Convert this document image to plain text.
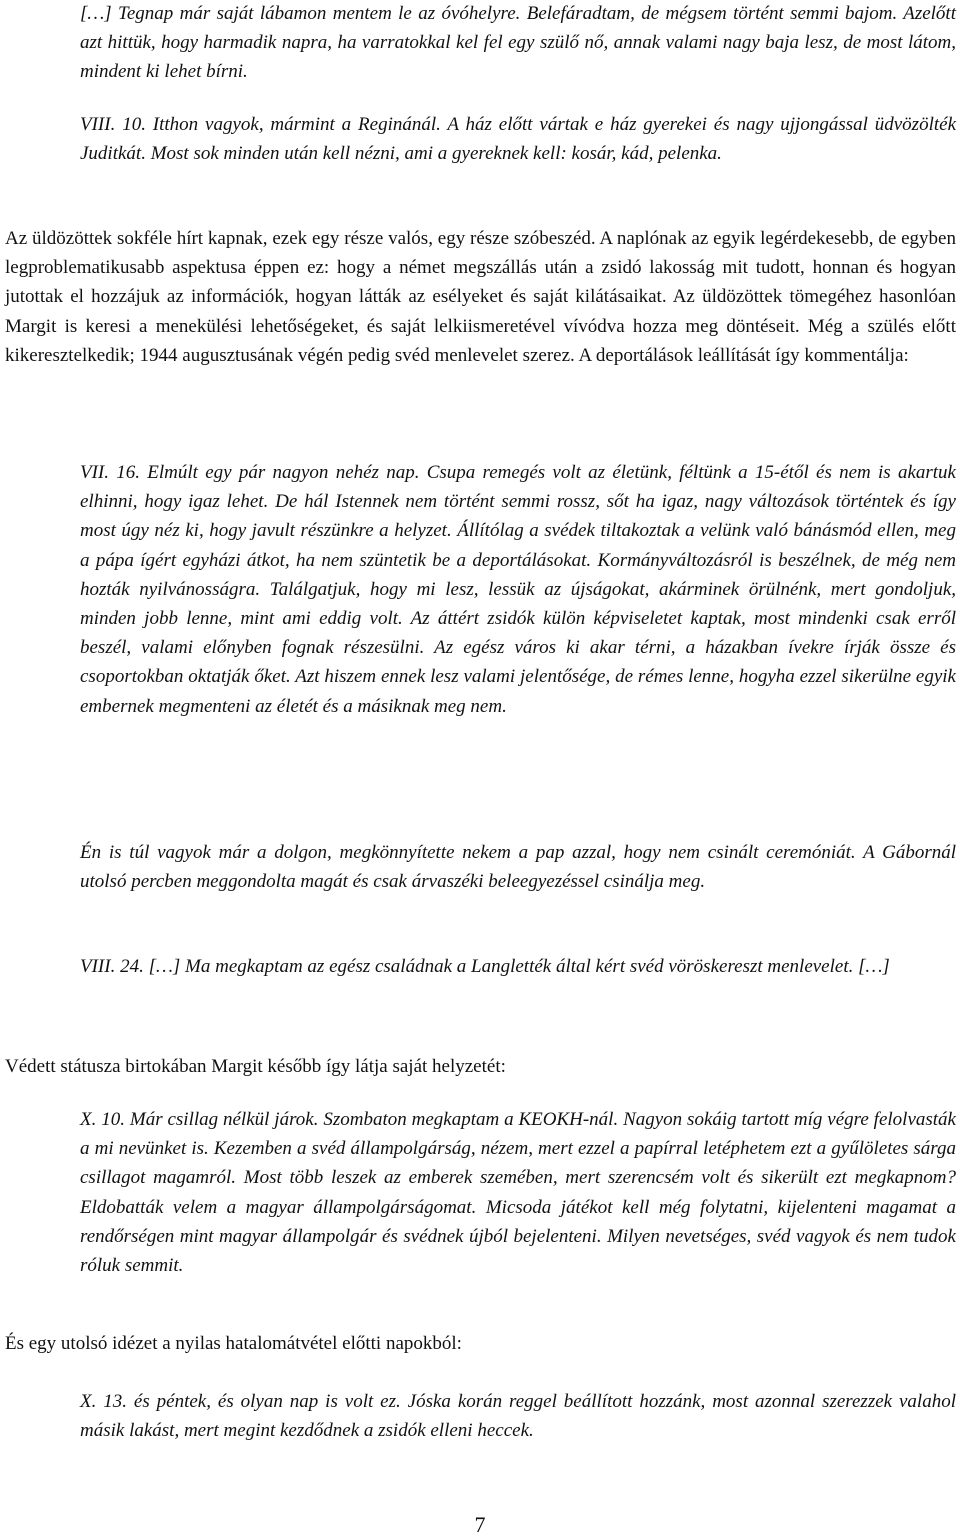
[…] Tegnap már saját lábamon mentem le az óvóhelyre. Belefáradtam, de mégsem történt semmi bajom. Azelőtt azt hittük, hogy harmadik napra, ha varratokkal kel fel egy szülő nő, annak valami nagy baja lesz, de most látom, mindent ki lehet bírni.

VIII. 10. Itthon vagyok, mármint a Reginánál. A ház előtt vártak e ház gyerekei és nagy ujjongással üdvözölték Juditkát. Most sok minden után kell nézni, ami a gyereknek kell: kosár, kád, pelenka.

Az üldözöttek sokféle hírt kapnak, ezek egy része valós, egy része szóbeszéd. A naplónak az egyik legérdekesebb, de egyben legproblematikusabb aspektusa éppen ez: hogy a német megszállás után a zsidó lakosság mit tudott, honnan és hogyan jutottak el hozzájuk az információk, hogyan látták az esélyeket és saját kilátásaikat. Az üldözöttek tömegéhez hasonlóan Margit is keresi a menekülési lehetőségeket, és saját lelkiismeretével vívódva hozza meg döntéseit. Még a szülés előtt kikeresztelkedik; 1944 augusztusának végén pedig svéd menlevelet szerez. A deportálások leállítását így kommentálja:

VII. 16. Elmúlt egy pár nagyon nehéz nap. Csupa remegés volt az életünk, féltünk a 15-étől és nem is akartuk elhinni, hogy igaz lehet. De hál Istennek nem történt semmi rossz, sőt ha igaz, nagy változások történtek és így most úgy néz ki, hogy javult részünkre a helyzet. Állítólag a svédek tiltakoztak a velünk való bánásmód ellen, meg a pápa ígért egyházi átkot, ha nem szüntetik be a deportálásokat. Kormányváltozásról is beszélnek, de még nem hozták nyilvánosságra. Találgatjuk, hogy mi lesz, lessük az újságokat, akárminek örülnénk, mert gondoljuk, minden jobb lenne, mint ami eddig volt. Az áttért zsidók külön képviseletet kaptak, most mindenki csak erről beszél, valami előnyben fognak részesülni. Az egész város ki akar térni, a házakban ívekre írják össze és csoportokban oktatják őket. Azt hiszem ennek lesz valami jelentősége, de rémes lenne, hogyha ezzel sikerülne egyik embernek megmenteni az életét és a másiknak meg nem.

Én is túl vagyok már a dolgon, megkönnyítette nekem a pap azzal, hogy nem csinált ceremóniát. A Gábornál utolsó percben meggondolta magát és csak árvaszéki beleegyezéssel csinálja meg.

VIII. 24. […] Ma megkaptam az egész családnak a Langlették által kért svéd vöröskereszt menlevelet. […]

Védett státusza birtokában Margit később így látja saját helyzetét:

X. 10. Már csillag nélkül járok. Szombaton megkaptam a KEOKH-nál. Nagyon sokáig tartott míg végre felolvasták a mi nevünket is. Kezemben a svéd állampolgárság, nézem, mert ezzel a papírral letéphetem ezt a gyűlöletes sárga csillagot magamról. Most több leszek az emberek szemében, mert szerencsém volt és sikerült ezt megkapnom? Eldobatták velem a magyar állampolgárságomat. Micsoda játékot kell még folytatni, kijelenteni magamat a rendőrségen mint magyar állampolgár és svédnek újból bejelenteni. Milyen nevetséges, svéd vagyok és nem tudok róluk semmit.

És egy utolsó idézet a nyilas hatalomátvétel előtti napokból:

X. 13. és péntek, és olyan nap is volt ez. Jóska korán reggel beállított hozzánk, most azonnal szerezzek valahol másik lakást, mert megint kezdődnek a zsidók elleni heccek.

7
